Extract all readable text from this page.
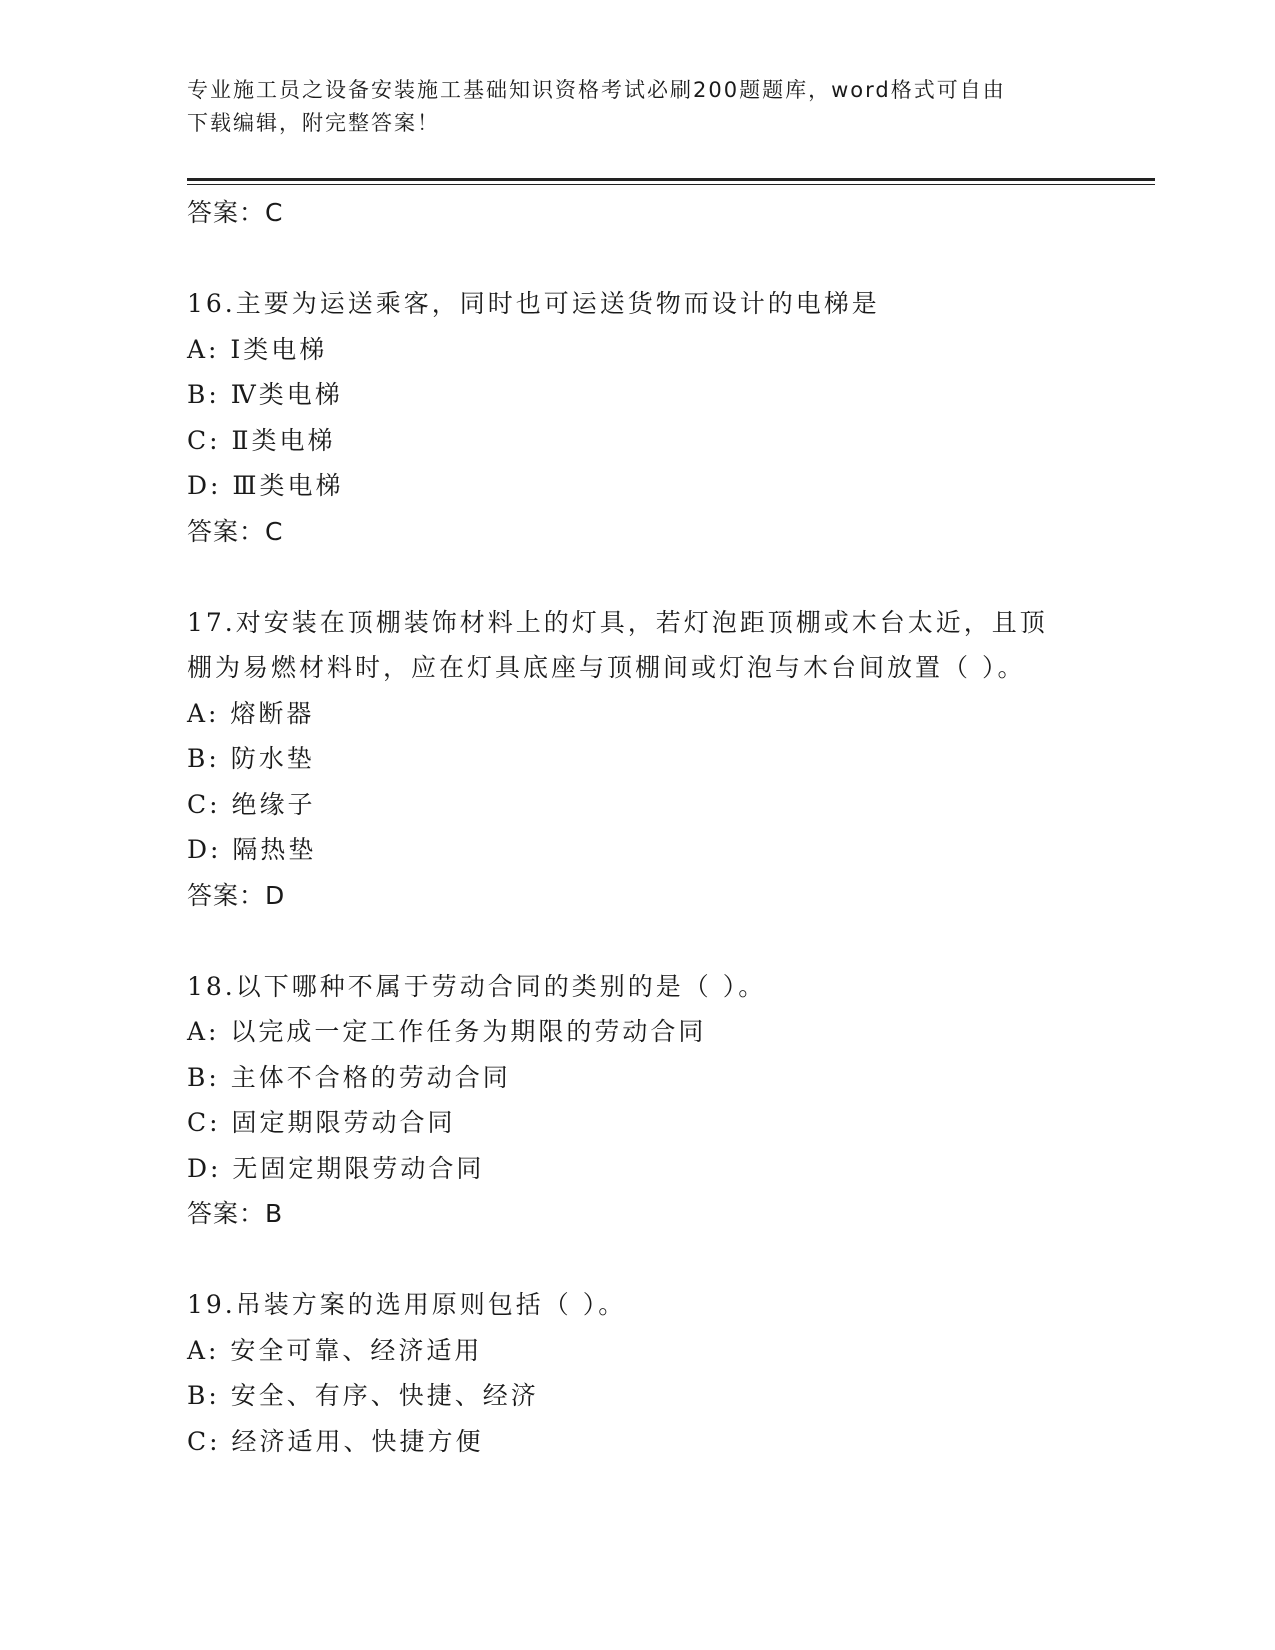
专业施工员之设备安装施工基础知识资格考试必刷200题题库，word格式可自由
下载编辑，附完整答案！
答案：C
16.主要为运送乘客，同时也可运送货物而设计的电梯是
A: Ⅰ类电梯
B: Ⅳ类电梯
C: Ⅱ类电梯
D: Ⅲ类电梯
答案：C
17.对安装在顶棚装饰材料上的灯具，若灯泡距顶棚或木台太近，且顶
棚为易燃材料时，应在灯具底座与顶棚间或灯泡与木台间放置（ ）。
A: 熔断器
B: 防水垫
C: 绝缘子
D: 隔热垫
答案：D
18.以下哪种不属于劳动合同的类别的是（ ）。
A: 以完成一定工作任务为期限的劳动合同
B: 主体不合格的劳动合同
C: 固定期限劳动合同
D: 无固定期限劳动合同
答案：B
19.吊装方案的选用原则包括（ ）。
A: 安全可靠、经济适用
B: 安全、有序、快捷、经济
C: 经济适用、快捷方便
